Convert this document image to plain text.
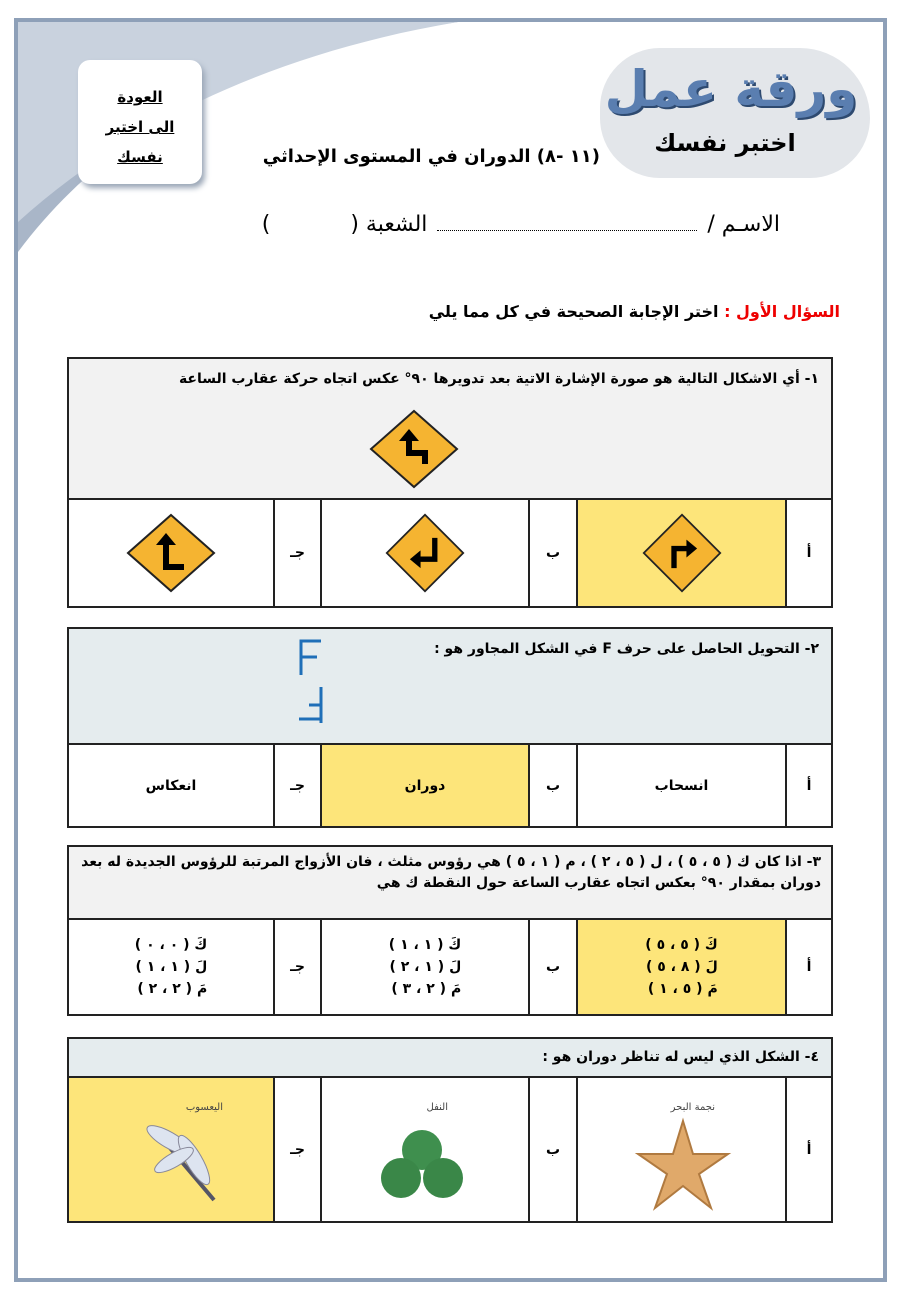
ورقة عمل
اختبر نفسك
العودة
الى اختبر
نفسك	(١١ -٨) الدوران في المستوى الإحداثي
الاسـم /
الشعبة (
)
السؤال الأول : اختر الإجابة الصحيحة في كل مما يلي
١- أي الاشكال التالية هو صورة الإشارة الاتية بعد تدويرها ٩٠° عكس اتجاه حركة عقارب الساعة
أ
ب
جـ
٢- التحويل الحاصل على حرف F في الشكل المجاور هو :
أ
انسحاب
ب
دوران
جـ
انعكاس
٣- اذا كان ك ( ٥ ، ٥ ) ، ل ( ٥ ، ٢ ) ، م ( ١ ، ٥ ) هي رؤوس مثلث ، فان الأزواج المرتبة للرؤوس الجديدة له بعد دوران بمقدار ٩٠° بعكس اتجاه عقارب الساعة حول النقطة ك هي
أ
كَ ( ٥ ، ٥ )
لَ ( ٨ ، ٥ )
مَ ( ٥ ، ١ )
ب
كَ ( ١ ، ١ )
لَ ( ١ ، ٢ )
مَ ( ٢ ، ٣ )
جـ
كَ ( ٠ ، ٠ )
لَ ( ١ ، ١ )
مَ ( ٢ ، ٢ )
٤- الشكل الذي ليس له تناظر دوران هو :
أ
نجمة البحر
ب
النفل
جـ
اليعسوب
